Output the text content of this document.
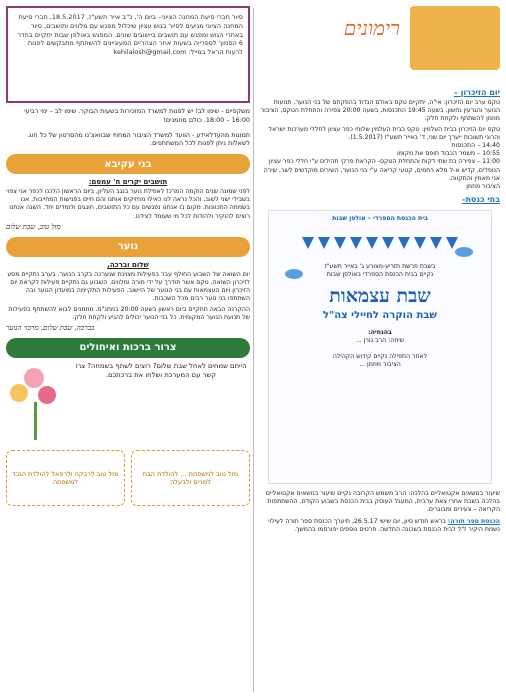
רימונים
יום הזיכרון –

טקס ערב יום הזיכרון: אי"ה, יתקיים טקס באולם הגדוד בהפקתם של בני הנוער, תנועות הנוער והגרעין נחשון, בשעה 19:45 התכנסות, בשעה 20:00 צפירה והתחלת הטקס, הציבור מוזמן להשתתף ולקחת חלק.

טקס יום הזיכרון בבית העלמין: טקס בבית העלמין שלוחי כפר עציון לחללי מערכות ישראל והרוגי תשובות ייערך יום שני, ד' באייר תשע"ז (1.5.2017).

14:40 – התכנסות

10:55 – משמר הכבוד תופס את מקומו

11:00 – צפירה בת שתי דקות והתחלת הטקס- הקראת פרקי תהילים ע"י חללי כפר עציון הנופלים, קדיש א-ל מלא רחמים, קטעי קריאה ע"י בני הנוער, השירים מוקדשים לשר, שירה אני מאמין והתקווה.

הציבור מוזמן

בתי כנסת-
בית הכנסת הספרדי – אולפן שבות

בשבת פרשת תזריע-מצורע ג' באייר תשע"ז

נקיים בבית הכנסת הספרדי באולפן שבות

שבת עצמאות
שבת הוקרה לחיילי צה"ל

בהנחיה:

שיחה: הרב גורן ...

לאחר התפילה נקיים קידוש הקהילה

הציבור מוזמן ...

שיעור בנושאים אקטואליים בהלכה: הרב משמש הקרובה נקיים שיעור בנושאים אקטואליים בהלכה בשבת אחרי צאת ערבית, המעגל העוסק בבית הכנסת בשבוע הקודם. ההשתתפות הקריאה – צעירים ומבוגרים.

הכנסת ספר תורה: בראש חודש סיון, יום שישי 26.5.17, תיערך הכנסת ספר תורה לעילוי נשמת היקיר ז"ל לבית הכנסת בשכונה החדשה. פרטים נוספים יפורסמו בהמשך.

סיור חברי סיעת המחנה הציוני– ביום ה', כ"ב אייר תשע"ז, 18.5.2017, חברי סיעת המחנה הציוני מגיעים לסיור בגוש עציון שיכלול מפגש עם מלווים ותושבים, סיור באתרי הגוש ומפגש עם תושבים ביישובים שונים. המפגש באולפן שבות יתקיים בחדר 6 הסמוך לספרייה בשעות אחר הצהריים המעוניינים להשתתף מתבקשים לפנות לרעות הראל במייל: kehilalosh@gmail.com

משקפיים - שימו לב! יש לפנות למשרד המזכירות בשעות הבוקר. שימו לב – ימי רביעי 16:00 – 18:00. כולם מוזמנים!

תמונות מהעדלאידע - הוועד למשרד הציבור המחוזי שבוואצ'נו מהסרטון של כל חוג. לשאלות ניתן לפנות לכל המשתתפים.

בני עקיבא
תושבים יקרים ח' עמסם:

לפני שמונה שנים הוקמה המרכז לאפילת נוער בנגב העליון, ביום הראשון הלכנו לכפר אני צפוי בשבילי ישני לשוב, והכל נראה לנו כאילו מחזיקים אותנו והם חיים בפגישות המחייבות. אנו בשמחה התכוונות. מקום בו אנחנו נפגשים עם כל התושבים, חוגגים ולומדים יחד. השנה אנחנו רוצים להוקיר ולהודות לכל מי שעומד לצידנו.

מזל טוב, שבת שלום

נוער
שלום וברכה,

יום השואה של השבוע החולף עבר בפעילות מצוינת שנערכה בקרב הנוער. בערב נתקיים מסע לזיכרון השואה, טקס אשר תודרך על ידי מורה ומלווים. השבוע גם נתקיים פעילות לקראת יום הזיכרון ויום העצמאות עם בני הנוער של היישוב. הפעילות התקיימה במועדון הנוער ובה השתתפו בני נוער רבים מכל השכבות.

ההקרנה הבאה תתקיים ביום ראשון בשעה 20:00 במתנ"ס. מוזמנים לבוא להשתתף בפעילות של תנועת הנוער המקומית. כל בני הנוער יכולים להגיע ולקחת חלק.

בברכה, שבת שלום, מרכזי הנוער

צרור ברכות ואיחולים

הייתם שמחים לאחל שבת שלום? רוצים לשתף בשמחה? צרו קשר עם המערכת ושלחו את ברכתכם.

מזל טוב למשפחת ... להולדת הבת למרים ולבעלה
מזל טוב לרבקה ולרפאל להולדת הנכד למשפחה
